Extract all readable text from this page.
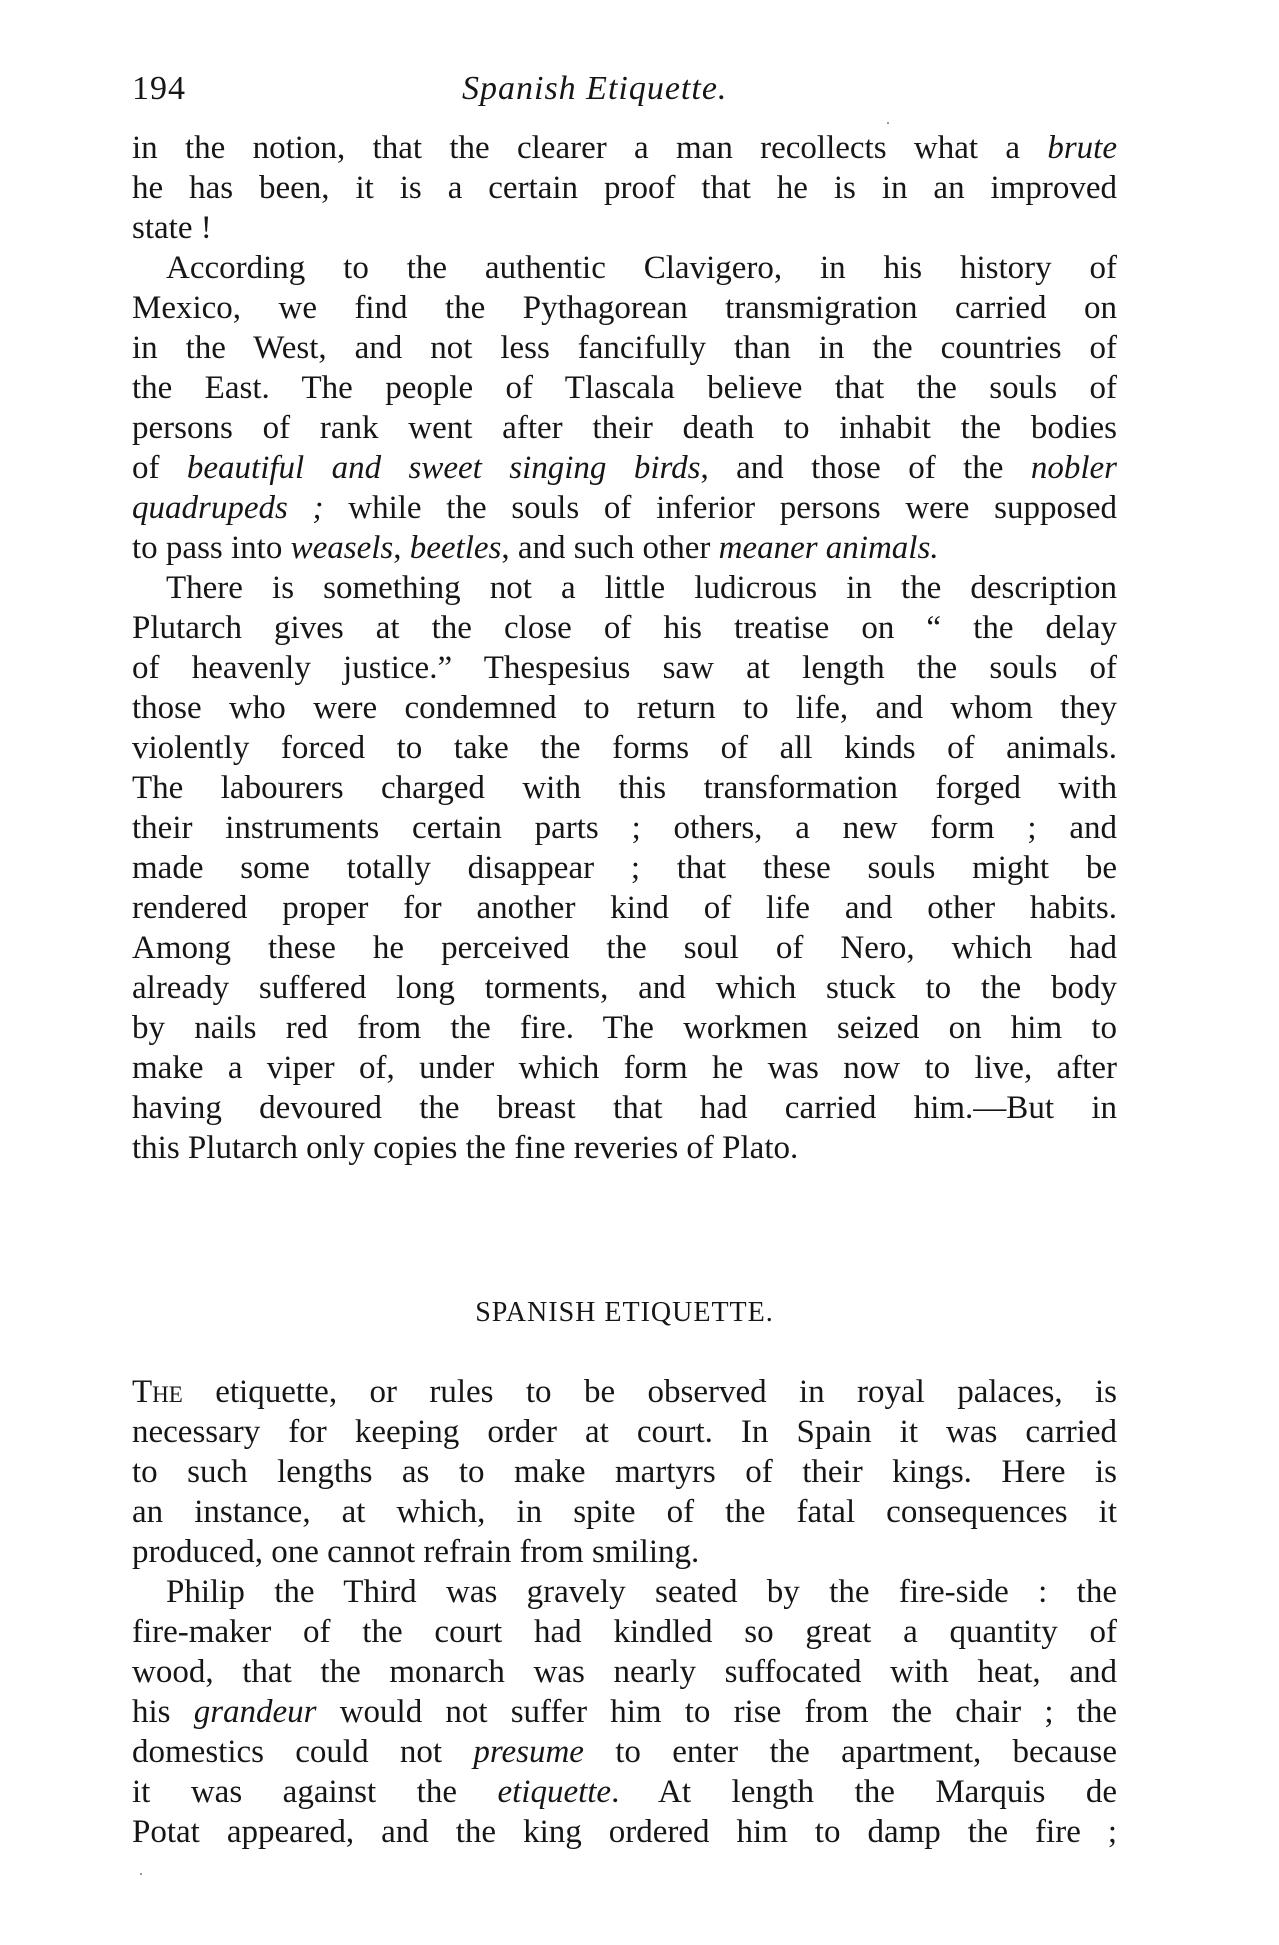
194	Spanish Etiquette.
in the notion, that the clearer a man recollects what a brute
he has been, it is a certain proof that he is in an improved
state !
According to the authentic Clavigero, in his history of
Mexico, we find the Pythagorean transmigration carried on
in the West, and not less fancifully than in the countries of
the East. The people of Tlascala believe that the souls of
persons of rank went after their death to inhabit the bodies
of beautiful and sweet singing birds, and those of the nobler
quadrupeds ; while the souls of inferior persons were supposed
to pass into weasels, beetles, and such other meaner animals.
There is something not a little ludicrous in the description
Plutarch gives at the close of his treatise on “ the delay
of heavenly justice.” Thespesius saw at length the souls of
those who were condemned to return to life, and whom they
violently forced to take the forms of all kinds of animals.
The labourers charged with this transformation forged with
their instruments certain parts ; others, a new form ; and
made some totally disappear ; that these souls might be
rendered proper for another kind of life and other habits.
Among these he perceived the soul of Nero, which had
already suffered long torments, and which stuck to the body
by nails red from the fire. The workmen seized on him to
make a viper of, under which form he was now to live, after
having devoured the breast that had carried him.—But in
this Plutarch only copies the fine reveries of Plato.
SPANISH ETIQUETTE.
The etiquette, or rules to be observed in royal palaces, is
necessary for keeping order at court. In Spain it was carried
to such lengths as to make martyrs of their kings. Here is
an instance, at which, in spite of the fatal consequences it
produced, one cannot refrain from smiling.
Philip the Third was gravely seated by the fire-side : the
fire-maker of the court had kindled so great a quantity of
wood, that the monarch was nearly suffocated with heat, and
his grandeur would not suffer him to rise from the chair ; the
domestics could not presume to enter the apartment, because
it was against the etiquette. At length the Marquis de
Potat appeared, and the king ordered him to damp the fire ;
